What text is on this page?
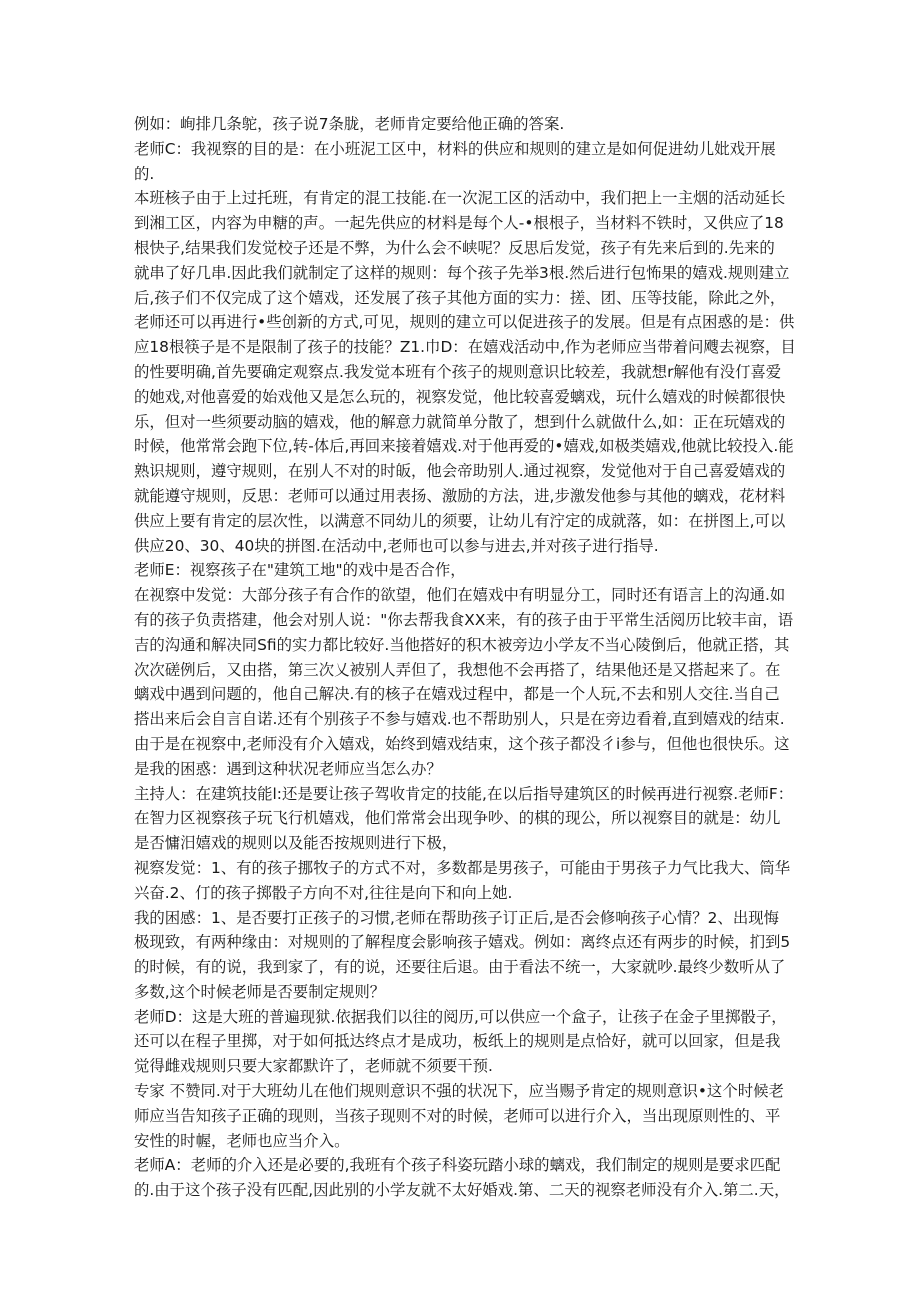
例如：峋排几条鸵，孩子说7条胧，老师肯定要给他正确的答案.
老师C：我视察的目的是：在小班泥工区中，材料的供应和规则的建立是如何促进幼儿妣戏开展
的.
本班核子由于上过托班，有肯定的混工技能.在一次泥工区的活动中，我们把上一主烟的活动延长
到湘工区，内容为申糖的声。一起先供应的材料是每个人-•根根子，当材料不铁时，又供应了18
根快子,结果我们发觉校子还是不弊，为什么会不峡呢？反思后发觉，孩子有先来后到的.先来的
就串了好几串.因此我们就制定了这样的规则：每个孩子先举3根.然后进行包怖果的嬉戏.规则建立
后,孩子们不仅完成了这个嬉戏，还发展了孩子其他方面的实力：搓、团、压等技能，除此之外，
老师还可以再进行•些创新的方式,可见，规则的建立可以促进孩子的发展。但是有点困惑的是：供
应18根筷子是不是限制了孩子的技能？Z1.巾D：在嬉戏活动中,作为老师应当带着问飕去视察，目
的性要明确,首先要确定观察点.我发觉本班有个孩子的规则意识比较差，我就想r解他有没仃喜爱
的她戏,对他喜爱的始戏他又是怎么玩的，视察发觉，他比较喜爱螭戏，玩什么嬉戏的时候都很快
乐，但对一些须要动脑的嬉戏，他的解意力就简单分散了，想到什么就做什么,如：正在玩嬉戏的
时候，他常常会跑下位,转-体后,再回来接着嬉戏.对于他再爱的•嬉戏,如极类嬉戏,他就比较投入.能
熟识规则，遵守规则，在别人不对的时皈，他会帝助别人.通过视察，发觉他对于自己喜爱嬉戏的
就能遵守规则，反思：老师可以通过用表扬、激励的方法，进,步激发他参与其他的螭戏，花材料
供应上要有肯定的层次性，以满意不同幼儿的须要，让幼儿有泞定的成就落，如：在拼图上,可以
供应20、30、40块的拼图.在活动中,老师也可以参与进去,并对孩子进行指导.
老师E：视察孩子在"建筑工地"的戏中是否合作，
在视察中发觉：大部分孩子有合作的欲望，他们在嬉戏中有明显分工，同时还有语言上的沟通.如
有的孩子负责搭建，他会对别人说："你去帮我食XX来，有的孩子由于平常生活阅历比较丰亩，语
吉的沟通和解决同Sfi的实力都比较好.当他搭好的积木被旁边小学友不当心陵倒后，他就正搭，其
次次磋例后，又由搭，第三次乂被别人弄但了，我想他不会再搭了，结果他还是又搭起来了。在
螭戏中遇到问题的，他自己解决.有的核子在嬉戏过程中，都是一个人玩,不去和别人交往.当自己
搭出来后会自言自诺.还有个别孩子不参与嬉戏.也不帮助别人，只是在旁边看着,直到嬉戏的结束.
由于是在视察中,老师没有介入嬉戏，始终到嬉戏结束，这个孩子都没彳i参与，但他也很快乐。这
是我的困惑：遇到这种状况老师应当怎么办？
主持人：在建筑技能l:还是要让孩子驾收肯定的技能,在以后指导建筑区的时候再进行视察.老师F：
在智力区视察孩子玩飞行机嬉戏，他们常常会出现争吵、的棋的现公，所以视察目的就是：幼儿
是否慵汨嬉戏的规则以及能否按规则进行下极，
视察发觉：1、有的孩子挪牧子的方式不对，多数都是男孩子，可能由于男孩子力气比我大、筒华
兴奋.2、仃的孩子掷骰子方向不对,往往是向下和向上她.
我的困感：1、是否要打正孩子的习惯,老师在帮助孩子订正后,是否会修响孩子心情？2、出现悔
极现致，有两种缘由：对规则的了解程度会影响孩子嬉戏。例如：离终点还有两步的时候，扪到5
的时候，有的说，我到家了，有的说，还要往后退。由于看法不统一，大家就吵.最终少数听从了
多数,这个时候老师是否要制定规则？
老师D：这是大班的普遍现狱.依据我们以往的阅历,可以供应一个盒子，让孩子在金子里掷骰子，
还可以在程子里掷，对于如何抵达终点才是成功，板纸上的规则是点恰好，就可以回家，但是我
觉得雌戏规则只要大家都默许了，老师就不须要干预.
专家 不赞同.对于大班幼儿在他们规则意识不强的状况下，应当赐予肯定的规则意识•这个时候老
师应当告知孩子正确的现则，当孩子现则不对的时候，老师可以进行介入，当出现原则性的、平
安性的时幄，老师也应当介入。
老师A：老师的介入还是必要的,我班有个孩子科姿玩踏小球的螭戏，我们制定的规则是要求匹配
的.由于这个孩子没有匹配,因此别的小学友就不太好婚戏.第、二天的视察老师没有介入.第二.天，
